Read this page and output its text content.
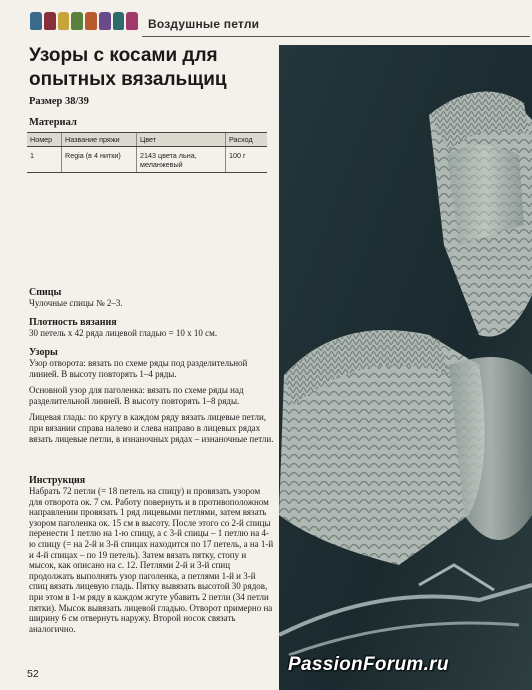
Воздушные петли
Узоры с косами для опытных вязальщиц
Размер 38/39
Материал
Номер	Название пряжи	Цвет	Расход
1	Regia (в 4 нитки)	2143 цвета льна, меланжевый	100 г
Спицы

Чулочные спицы № 2–3.

Плотность вязания

30 петель х 42 ряда лицевой гладью = 10 х 10 см.

Узоры

Узор отворота: вязать по схеме ряды под разделительной линией. В высоту повторять 1–4 ряды.

Основной узор для паголенка: вязать по схеме ряды над разделительной линией. В высоту повторять 1–8 ряды.

Лицевая гладь: по кругу в каждом ряду вязать лицевые петли, при вязании справа налево и слева направо в лицевых рядах вязать лицевые петли, в изнаночных рядах – изнаночные петли.

Инструкция

Набрать 72 петли (= 18 петель на спицу) и провязать узором для отворота ок. 7 см. Работу повернуть и в противоположном направлении провязать 1 ряд лицевыми петлями, затем вязать узором паголенка ок. 15 см в высоту. После этого со 2-й спицы перенести 1 петлю на 1-ю спицу, а с 3-й спицы – 1 петлю на 4-ю спицу (= на 2-й и 3-й спицах находится по 17 петель, а на 1-й и 4-й спицах – по 19 петель). Затем вязать пятку, стопу и мысок, как описано на с. 12. Петлями 2-й и 3-й спиц продолжать выполнять узор паголенка, а петлями 1-й и 3-й спиц вязать лицевую гладь. Пятку вывязать высотой 30 рядов, при этом в 1-м ряду в каждом жгуте убавить 2 петли (34 петли пятки). Мысок вывязать лицевой гладью. Отворот примерно на ширину 6 см отвернуть наружу. Второй носок связать аналогично.

52	PassionForum.ru
